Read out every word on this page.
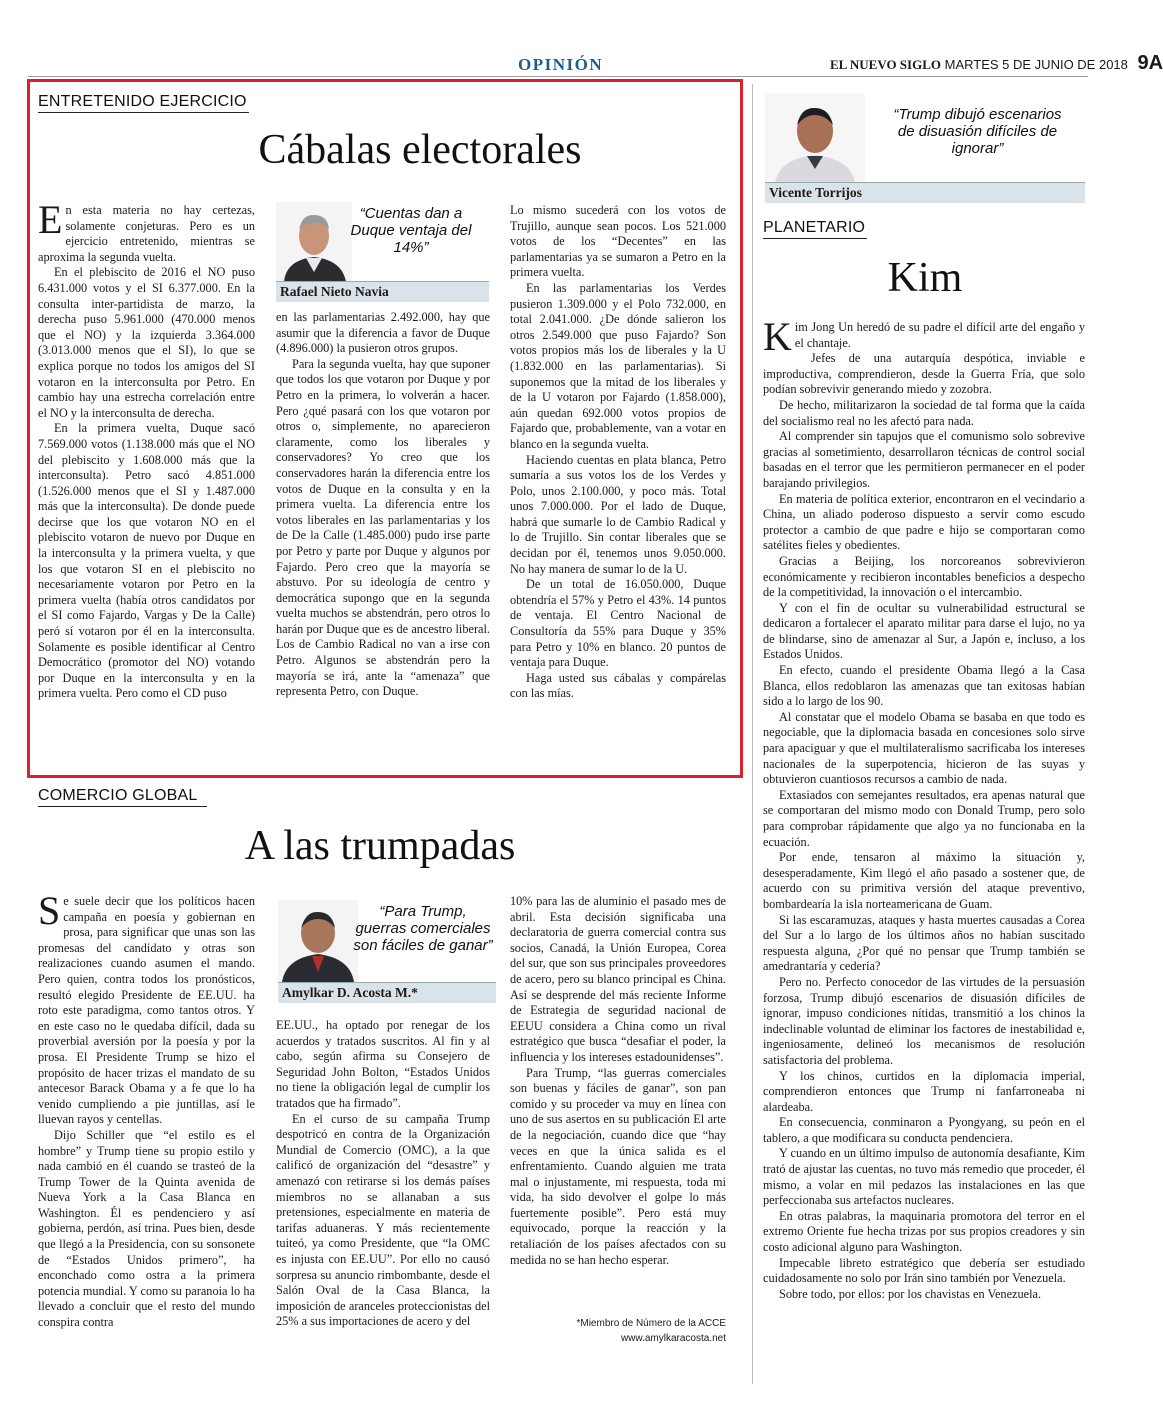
OPINIÓN	EL NUEVO SIGLO MARTES 5 DE JUNIO DE 2018 9A
ENTRETENIDO EJERCICIO
Cábalas electorales

En esta materia no hay certezas, solamente conjeturas. Pero es un ejercicio entretenido, mientras se aproxima la segunda vuelta.

En el plebiscito de 2016 el NO puso 6.431.000 votos y el SI 6.377.000. En la consulta inter-partidista de marzo, la derecha puso 5.961.000 (470.000 menos que el NO) y la izquierda 3.364.000 (3.013.000 menos que el SI), lo que se explica porque no todos los amigos del SI votaron en la interconsulta por Petro. En cambio hay una estrecha correlación entre el NO y la interconsulta de derecha.

En la primera vuelta, Duque sacó 7.569.000 votos (1.138.000 más que el NO del plebiscito y 1.608.000 más que la interconsulta). Petro sacó 4.851.000 (1.526.000 menos que el SI y 1.487.000 más que la interconsulta). De donde puede decirse que los que votaron NO en el plebiscito votaron de nuevo por Duque en la interconsulta y la primera vuelta, y que los que votaron SI en el plebiscito no necesariamente votaron por Petro en la primera vuelta (había otros candidatos por el SI como Fajardo, Vargas y De la Calle) peró sí votaron por él en la interconsulta. Solamente es posible identificar al Centro Democrático (promotor del NO) votando por Duque en la interconsulta y en la primera vuelta. Pero como el CD puso

“Cuentas dan a Duque ventaja del 14%”
Rafael Nieto Navia

en las parlamentarias 2.492.000, hay que asumir que la diferencia a favor de Duque (4.896.000) la pusieron otros grupos.

Para la segunda vuelta, hay que suponer que todos los que votaron por Duque y por Petro en la primera, lo volverán a hacer. Pero ¿qué pasará con los que votaron por otros o, simplemente, no aparecieron claramente, como los liberales y conservadores? Yo creo que los conservadores harán la diferencia entre los votos de Duque en la consulta y en la primera vuelta. La diferencia entre los votos liberales en las parlamentarias y los de De la Calle (1.485.000) pudo irse parte por Petro y parte por Duque y algunos por Fajardo. Pero creo que la mayoría se abstuvo. Por su ideología de centro y democrática supongo que en la segunda vuelta muchos se abstendrán, pero otros lo harán por Duque que es de ancestro liberal. Los de Cambio Radical no van a irse con Petro. Algunos se abstendrán pero la mayoría se irá, ante la “amenaza” que representa Petro, con Duque.

Lo mismo sucederá con los votos de Trujillo, aunque sean pocos. Los 521.000 votos de los “Decentes” en las parlamentarias ya se sumaron a Petro en la primera vuelta.

En las parlamentarias los Verdes pusieron 1.309.000 y el Polo 732.000, en total 2.041.000. ¿De dónde salieron los otros 2.549.000 que puso Fajardo? Son votos propios más los de liberales y la U (1.832.000 en las parlamentarias). Si suponemos que la mitad de los liberales y de la U votaron por Fajardo (1.858.000), aún quedan 692.000 votos propios de Fajardo que, probablemente, van a votar en blanco en la segunda vuelta.

Haciendo cuentas en plata blanca, Petro sumaría a sus votos los de los Verdes y Polo, unos 2.100.000, y poco más. Total unos 7.000.000. Por el lado de Duque, habrá que sumarle lo de Cambio Radical y lo de Trujillo. Sin contar liberales que se decidan por él, tenemos unos 9.050.000. No hay manera de sumar lo de la U.

De un total de 16.050.000, Duque obtendría el 57% y Petro el 43%. 14 puntos de ventaja. El Centro Nacional de Consultoría da 55% para Duque y 35% para Petro y 10% en blanco. 20 puntos de ventaja para Duque.

Haga usted sus cábalas y compárelas con las mías.

COMERCIO GLOBAL
A las trumpadas

Se suele decir que los políticos hacen campaña en poesía y gobiernan en prosa, para significar que unas son las promesas del candidato y otras son realizaciones cuando asumen el mando. Pero quien, contra todos los pronósticos, resultó elegido Presidente de EE.UU. ha roto este paradigma, como tantos otros. Y en este caso no le quedaba difícil, dada su proverbial aversión por la poesía y por la prosa. El Presidente Trump se hizo el propósito de hacer trizas el mandato de su antecesor Barack Obama y a fe que lo ha venido cumpliendo a pie juntillas, así le lluevan rayos y centellas.

Dijo Schiller que “el estilo es el hombre” y Trump tiene su propio estilo y nada cambió en él cuando se trasteó de la Trump Tower de la Quinta avenida de Nueva York a la Casa Blanca en Washington. Él es pendenciero y así gobierna, perdón, así trina. Pues bien, desde que llegó a la Presidencia, con su sonsonete de “Estados Unidos primero”, ha enconchado como ostra a la primera potencia mundial. Y como su paranoia lo ha llevado a concluir que el resto del mundo conspira contra

“Para Trump, guerras comerciales son fáciles de ganar”
Amylkar D. Acosta M.*

EE.UU., ha optado por renegar de los acuerdos y tratados suscritos. Al fin y al cabo, según afirma su Consejero de Seguridad John Bolton, “Estados Unidos no tiene la obligación legal de cumplir los tratados que ha firmado”.

En el curso de su campaña Trump despotricó en contra de la Organización Mundial de Comercio (OMC), a la que calificó de organización del “desastre” y amenazó con retirarse si los demás países miembros no se allanaban a sus pretensiones, especialmente en materia de tarifas aduaneras. Y más recientemente tuiteó, ya como Presidente, que “la OMC es injusta con EE.UU”. Por ello no causó sorpresa su anuncio rimbombante, desde el Salón Oval de la Casa Blanca, la imposición de aranceles proteccionistas del 25% a sus importaciones de acero y del

10% para las de aluminio el pasado mes de abril. Esta decisión significaba una declaratoria de guerra comercial contra sus socios, Canadá, la Unión Europea, Corea del sur, que son sus principales proveedores de acero, pero su blanco principal es China. Así se desprende del más reciente Informe de Estrategia de seguridad nacional de EEUU considera a China como un rival estratégico que busca “desafiar el poder, la influencia y los intereses estadounidenses”.

Para Trump, “las guerras comerciales son buenas y fáciles de ganar”, son pan comido y su proceder va muy en línea con uno de sus asertos en su publicación El arte de la negociación, cuando dice que “hay veces en que la única salida es el enfrentamiento. Cuando alguien me trata mal o injustamente, mi respuesta, toda mi vida, ha sido devolver el golpe lo más fuertemente posible”. Pero está muy equivocado, porque la reacción y la retaliación de los países afectados con su medida no se han hecho esperar.

*Miembro de Número de la ACCE
www.amylkaracosta.net
“Trump dibujó escenarios de disuasión difíciles de ignorar”
Vicente Torrijos
PLANETARIO
Kim

Kim Jong Un heredó de su padre el difícil arte del engaño y el chantaje.

Jefes de una autarquía despótica, inviable e improductiva, comprendieron, desde la Guerra Fría, que solo podían sobrevivir generando miedo y zozobra.

De hecho, militarizaron la sociedad de tal forma que la caída del socialismo real no les afectó para nada.

Al comprender sin tapujos que el comunismo solo sobrevive gracias al sometimiento, desarrollaron técnicas de control social basadas en el terror que les permitieron permanecer en el poder barajando privilegios.

En materia de política exterior, encontraron en el vecindario a China, un aliado poderoso dispuesto a servir como escudo protector a cambio de que padre e hijo se comportaran como satélites fieles y obedientes.

Gracias a Beijing, los norcoreanos sobrevivieron económicamente y recibieron incontables beneficios a despecho de la competitividad, la innovación o el intercambio.

Y con el fin de ocultar su vulnerabilidad estructural se dedicaron a fortalecer el aparato militar para darse el lujo, no ya de blindarse, sino de amenazar al Sur, a Japón e, incluso, a los Estados Unidos.

En efecto, cuando el presidente Obama llegó a la Casa Blanca, ellos redoblaron las amenazas que tan exitosas habían sido a lo largo de los 90.

Al constatar que el modelo Obama se basaba en que todo es negociable, que la diplomacia basada en concesiones solo sirve para apaciguar y que el multilateralismo sacrificaba los intereses nacionales de la superpotencia, hicieron de las suyas y obtuvieron cuantiosos recursos a cambio de nada.

Extasiados con semejantes resultados, era apenas natural que se comportaran del mismo modo con Donald Trump, pero solo para comprobar rápidamente que algo ya no funcionaba en la ecuación.

Por ende, tensaron al máximo la situación y, desesperadamente, Kim llegó el año pasado a sostener que, de acuerdo con su primitiva versión del ataque preventivo, bombardearía la isla norteamericana de Guam.

Si las escaramuzas, ataques y hasta muertes causadas a Corea del Sur a lo largo de los últimos años no habían suscitado respuesta alguna, ¿Por qué no pensar que Trump también se amedrantaría y cedería?

Pero no. Perfecto conocedor de las virtudes de la persuasión forzosa, Trump dibujó escenarios de disuasión difíciles de ignorar, impuso condiciones nítidas, transmitió a los chinos la indeclinable voluntad de eliminar los factores de inestabilidad e, ingeniosamente, delineó los mecanismos de resolución satisfactoria del problema.

Y los chinos, curtidos en la diplomacia imperial, comprendieron entonces que Trump ni fanfarroneaba ni alardeaba.

En consecuencia, conminaron a Pyongyang, su peón en el tablero, a que modificara su conducta pendenciera.

Y cuando en un último impulso de autonomía desafiante, Kim trató de ajustar las cuentas, no tuvo más remedio que proceder, él mismo, a volar en mil pedazos las instalaciones en las que perfeccionaba sus artefactos nucleares.

En otras palabras, la maquinaria promotora del terror en el extremo Oriente fue hecha trizas por sus propios creadores y sin costo adicional alguno para Washington.

Impecable libreto estratégico que debería ser estudiado cuidadosamente no solo por Irán sino también por Venezuela.

Sobre todo, por ellos: por los chavistas en Venezuela.
